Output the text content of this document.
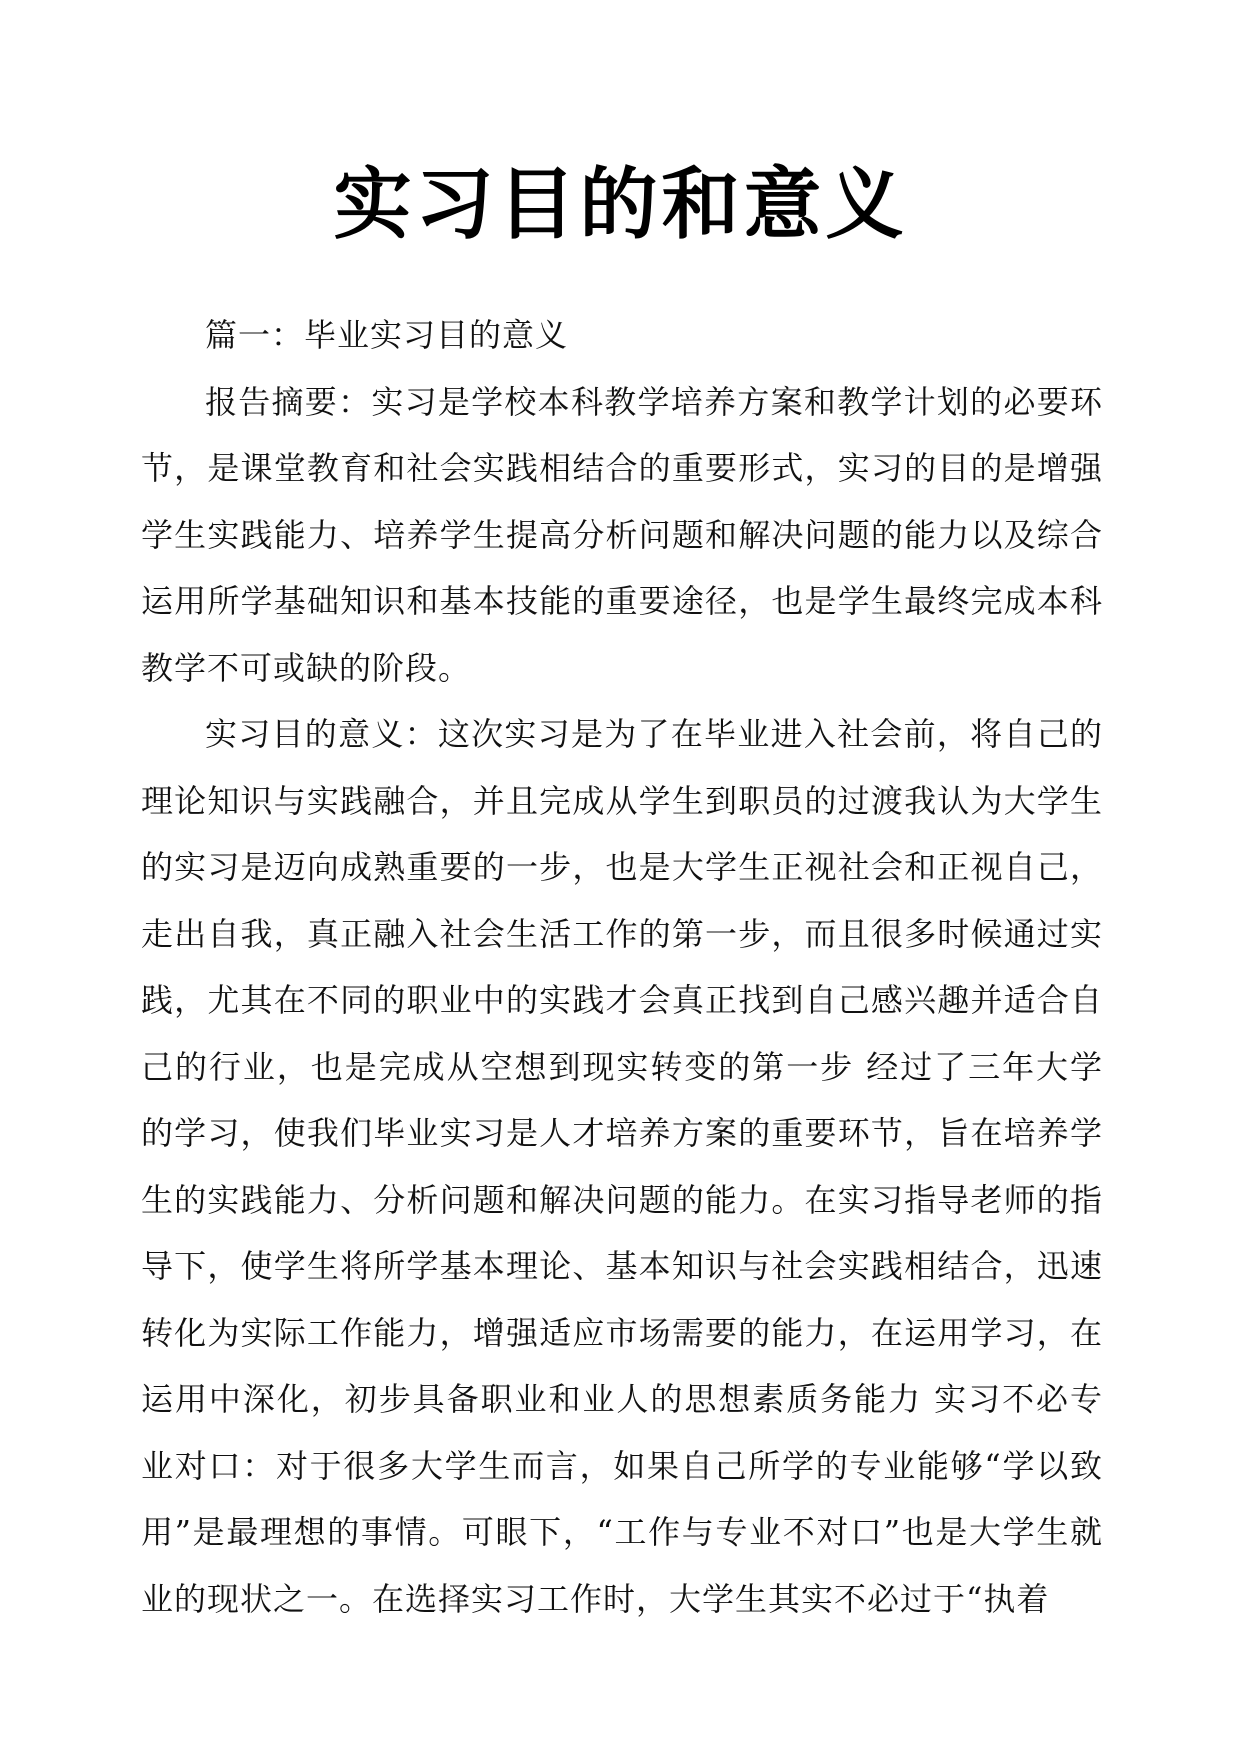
实习目的和意义

篇一：毕业实习目的意义

报告摘要：实习是学校本科教学培养方案和教学计划的必要环节，是课堂教育和社会实践相结合的重要形式，实习的目的是增强学生实践能力、培养学生提高分析问题和解决问题的能力以及综合运用所学基础知识和基本技能的重要途径，也是学生最终完成本科教学不可或缺的阶段。

实习目的意义：这次实习是为了在毕业进入社会前，将自己的理论知识与实践融合，并且完成从学生到职员的过渡我认为大学生的实习是迈向成熟重要的一步，也是大学生正视社会和正视自己，走出自我，真正融入社会生活工作的第一步，而且很多时候通过实践，尤其在不同的职业中的实践才会真正找到自己感兴趣并适合自己的行业，也是完成从空想到现实转变的第一步 经过了三年大学的学习，使我们毕业实习是人才培养方案的重要环节，旨在培养学生的实践能力、分析问题和解决问题的能力。在实习指导老师的指导下，使学生将所学基本理论、基本知识与社会实践相结合，迅速转化为实际工作能力，增强适应市场需要的能力，在运用学习，在运用中深化，初步具备职业和业人的思想素质务能力 实习不必专业对口：对于很多大学生而言，如果自己所学的专业能够“学以致用”是最理想的事情。可眼下，“工作与专业不对口”也是大学生就业的现状之一。在选择实习工作时，大学生其实不必过于“执着
